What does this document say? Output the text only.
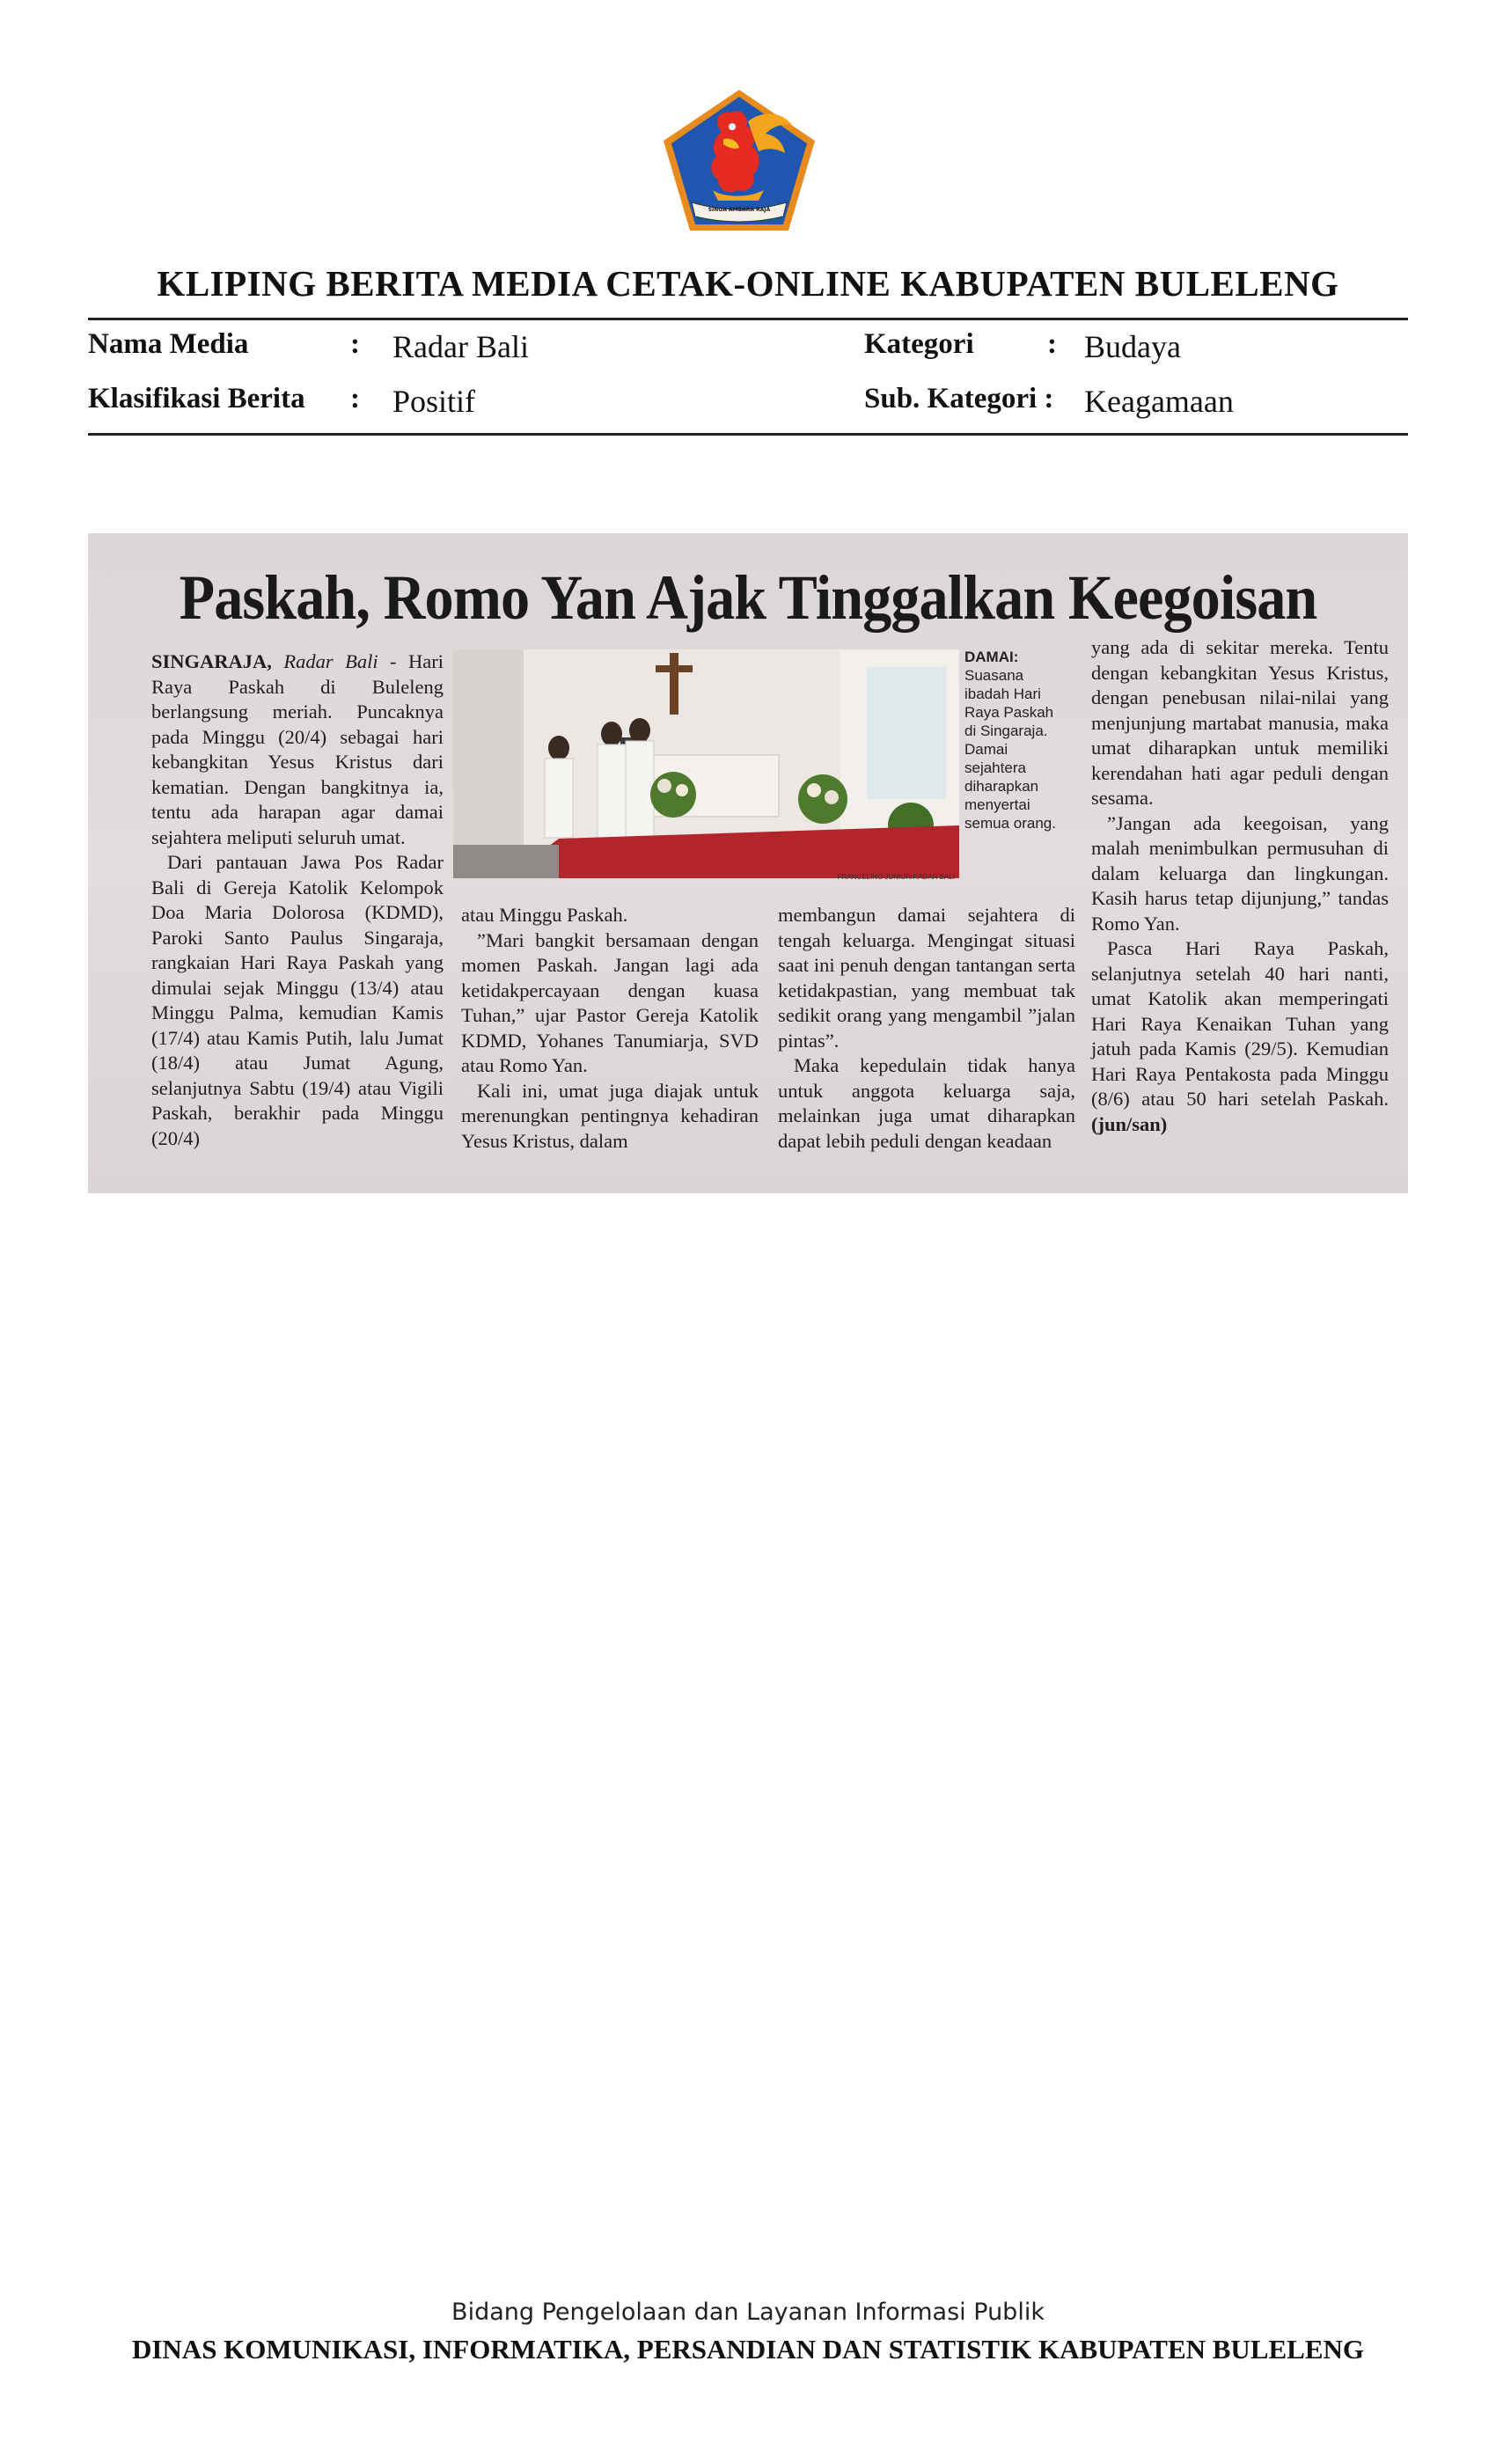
SINGA AMBARA RAJA
KLIPING BERITA MEDIA CETAK-ONLINE KABUPATEN BULELENG
Nama Media	: Radar Bali
Klasifikasi Berita : Positif
Kategori	: Budaya
Sub. Kategori : Keagamaan
Paskah, Romo Yan Ajak Tinggalkan Keegoisan

SINGARAJA, Radar Bali - Hari Raya Paskah di Buleleng berlangsung meriah. Puncaknya pada Minggu (20/4) sebagai hari kebangkitan Yesus Kristus dari kematian. Dengan bangkitnya ia, tentu ada harapan agar damai sejahtera meliputi seluruh umat.

Dari pantauan Jawa Pos Radar Bali di Gereja Katolik Kelompok Doa Maria Dolorosa (KDMD), Paroki Santo Paulus Singaraja, rangkaian Hari Raya Paskah yang dimulai sejak Minggu (13/4) atau Minggu Palma, kemudian Kamis (17/4) atau Kamis Putih, lalu Jumat (18/4) atau Jumat Agung, selanjutnya Sabtu (19/4) atau Vigili Paskah, berakhir pada Minggu (20/4)

FRANCELINO JUNIOR/RADAR BALI
DAMAI:
Suasana ibadah Hari Raya Paskah di Singaraja. Damai sejahtera diharapkan menyertai semua orang.

atau Minggu Paskah.

”Mari bangkit bersamaan dengan momen Paskah. Jangan lagi ada ketidakpercayaan dengan kuasa Tuhan,” ujar Pastor Gereja Katolik KDMD, Yohanes Tanumiarja, SVD atau Romo Yan.

Kali ini, umat juga diajak untuk merenungkan pentingnya kehadiran Yesus Kristus, dalam

membangun damai sejahtera di tengah keluarga. Mengingat situasi saat ini penuh dengan tantangan serta ketidakpastian, yang membuat tak sedikit orang yang mengambil ”jalan pintas”.

Maka kepedulain tidak hanya untuk anggota keluarga saja, melainkan juga umat diharapkan dapat lebih peduli dengan keadaan

yang ada di sekitar mereka. Tentu dengan kebangkitan Yesus Kristus, dengan penebusan nilai-nilai yang menjunjung martabat manusia, maka umat diharapkan untuk memiliki kerendahan hati agar peduli dengan sesama.

”Jangan ada keegoisan, yang malah menimbulkan permusuhan di dalam keluarga dan lingkungan. Kasih harus tetap dijunjung,” tandas Romo Yan.

Pasca Hari Raya Paskah, selanjutnya setelah 40 hari nanti, umat Katolik akan memperingati Hari Raya Kenaikan Tuhan yang jatuh pada Kamis (29/5). Kemudian Hari Raya Pentakosta pada Minggu (8/6) atau 50 hari setelah Paskah. (jun/san)

Bidang Pengelolaan dan Layanan Informasi Publik
DINAS KOMUNIKASI, INFORMATIKA, PERSANDIAN DAN STATISTIK KABUPATEN BULELENG
